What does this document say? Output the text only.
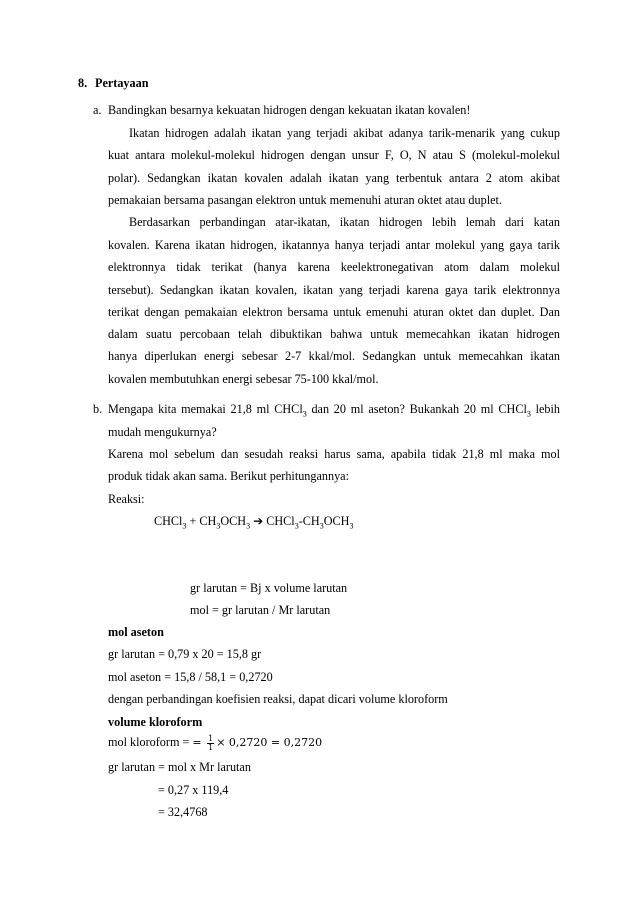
8. Pertayaan
a. Bandingkan besarnya kekuatan hidrogen dengan kekuatan ikatan kovalen!
Ikatan hidrogen adalah ikatan yang terjadi akibat adanya tarik-menarik yang cukup
kuat antara molekul-molekul hidrogen dengan unsur F, O, N atau S (molekul-molekul
polar). Sedangkan ikatan kovalen adalah ikatan yang terbentuk antara 2 atom akibat
pemakaian bersama pasangan elektron untuk memenuhi aturan oktet atau duplet.
Berdasarkan perbandingan atar-ikatan, ikatan hidrogen lebih lemah dari katan
kovalen. Karena ikatan hidrogen, ikatannya hanya terjadi antar molekul yang gaya tarik
elektronnya tidak terikat (hanya karena keelektronegativan atom dalam molekul
tersebut). Sedangkan ikatan kovalen, ikatan yang terjadi karena gaya tarik elektronnya
terikat dengan pemakaian elektron bersama untuk emenuhi aturan oktet dan duplet. Dan
dalam suatu percobaan telah dibuktikan bahwa untuk memecahkan ikatan hidrogen
hanya diperlukan energi sebesar 2-7 kkal/mol. Sedangkan untuk memecahkan ikatan
kovalen membutuhkan energi sebesar 75-100 kkal/mol.
b. Mengapa kita memakai 21,8 ml CHCl$_3$ dan 20 ml aseton? Bukankah 20 ml CHCl$_3$ lebih
mudah mengukurnya?
Karena mol sebelum dan sesudah reaksi harus sama, apabila tidak 21,8 ml maka mol
produk tidak akan sama. Berikut perhitungannya:
Reaksi:
CHCl$_3$ + $CH_3OCH_3$ ➔ $CHCl_3-CH_3OCH_3$
gr larutan = Bj x volume larutan
mol = gr larutan / Mr larutan
mol aseton
gr larutan = 0,79 x 20 = 15,8 gr
mol aseton = 15,8 / 58,1 = 0,2720
dengan perbandingan koefisien reaksi, dapat dicari volume kloroform
volume kloroform
mol kloroform = = $\frac{1}{1} \times 0,2720 = 0,2720$
gr larutan = mol x Mr larutan
= 0,27 x 119,4
= 32,4768
